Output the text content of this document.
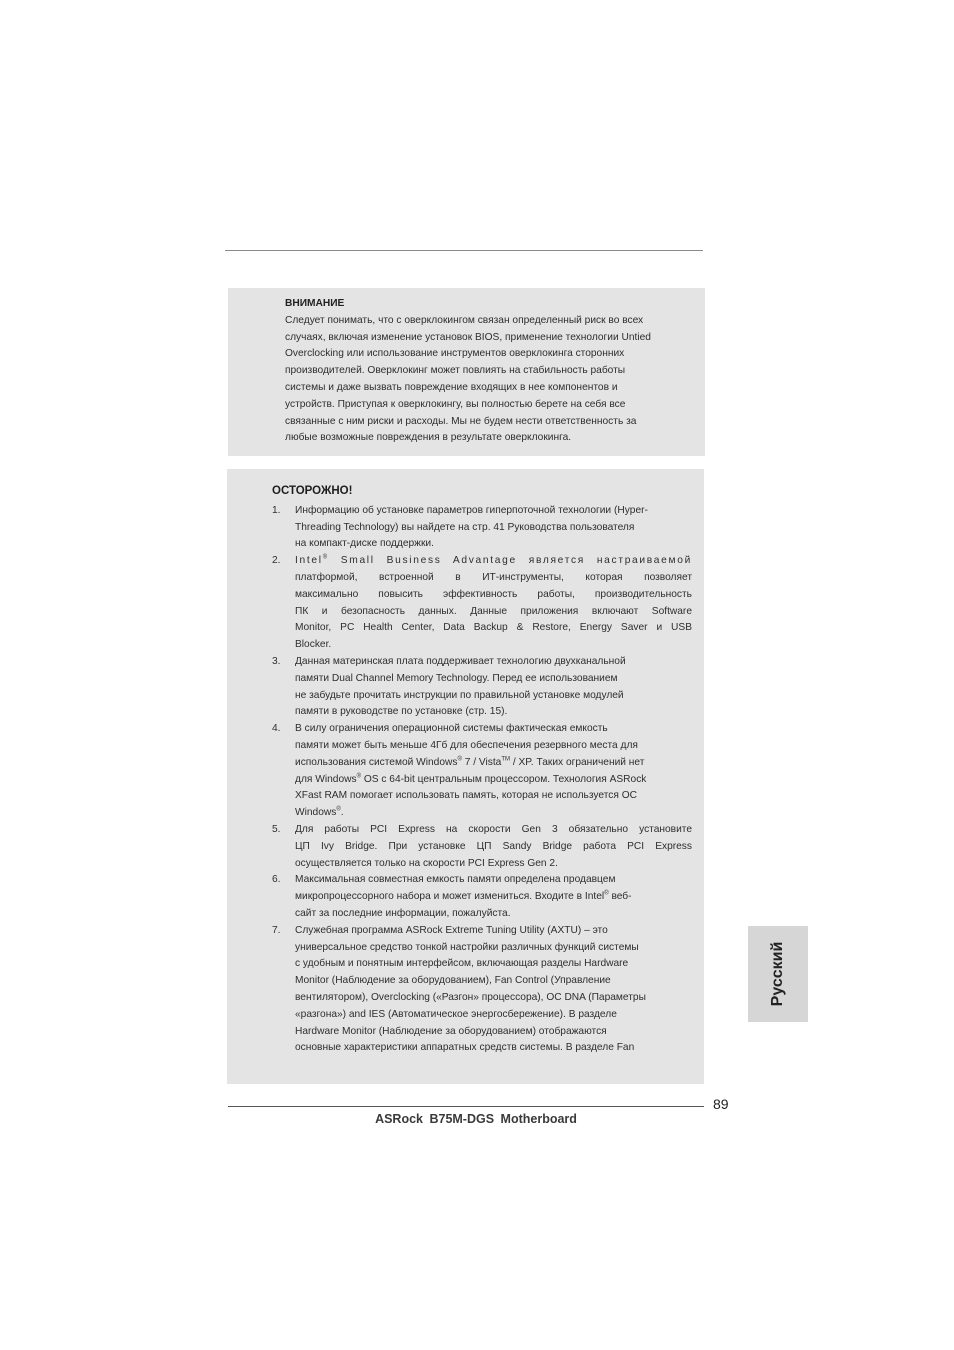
ВНИМАНИЕ
Следует понимать, что с оверклокингом связан определенный риск во всех
случаях, включая изменение установок BIOS, применение технологии Untied
Overclocking или использование инструментов оверклокинга сторонних
производителей. Оверклокинг может повлиять на стабильность работы
системы и даже вызвать повреждение входящих в нее компонентов и
устройств. Приступая к оверклокингу, вы полностью берете на себя все
связанные с ним риски и расходы. Мы не будем нести ответственность за
любые возможные повреждения в результате оверклокинга.
ОСТОРОЖНО!
1. Информацию об установке параметров гиперпоточной технологии (Hyper-
Threading Technology) вы найдете на стр. 41 Руководства пользователя
на компакт-диске поддержки.
2. Intel® Small Business Advantage является настраиваемой
платформой, встроенной в ИТ-инструменты, которая позволяет
максимально повысить эффективность работы, производительность
ПК и безопасность данных. Данные приложения включают Software
Monitor, PC Health Center, Data Backup & Restore, Energy Saver и USB
Blocker.
3. Данная материнская плата поддерживает технологию двухканальной
памяти Dual Channel Memory Technology. Перед ее использованием
не забудьте прочитать инструкции по правильной установке модулей
памяти в руководстве по установке (стр. 15).
4. В силу ограничения операционной системы фактическая емкость
памяти может быть меньше 4Гб для обеспечения резервного места для
использования системой Windows® 7 / Vista™ / XP. Таких ограничений нет
для Windows® OS с 64-bit центральным процессором. Технология ASRock
XFast RAM помогает использовать память, которая не используется ОС
Windows®.
5. Для работы PCI Express на скорости Gen 3 обязательно установите
ЦП Ivy Bridge. При установке ЦП Sandy Bridge работа PCI Express
осуществляется только на скорости PCI Express Gen 2.
6. Максимальная совместная емкость памяти определена продавцем
микропроцессорного набора и может измениться. Входите в Intel® веб-
сайт за последние информации, пожалуйста.
7. Служебная программа ASRock Extreme Tuning Utility (AXTU) – это
универсальное средство тонкой настройки различных функций системы
с удобным и понятным интерфейсом, включающая разделы Hardware
Monitor (Наблюдение за оборудованием), Fan Control (Управление
вентилятором), Overclocking («Разгон» процессора), OC DNA (Параметры
«разгона») and IES (Автоматическое энергосбережение). В разделе
Hardware Monitor (Наблюдение за оборудованием) отображаются
основные характеристики аппаратных средств системы. В разделе Fan
Русский
89
ASRock B75M-DGS Motherboard
